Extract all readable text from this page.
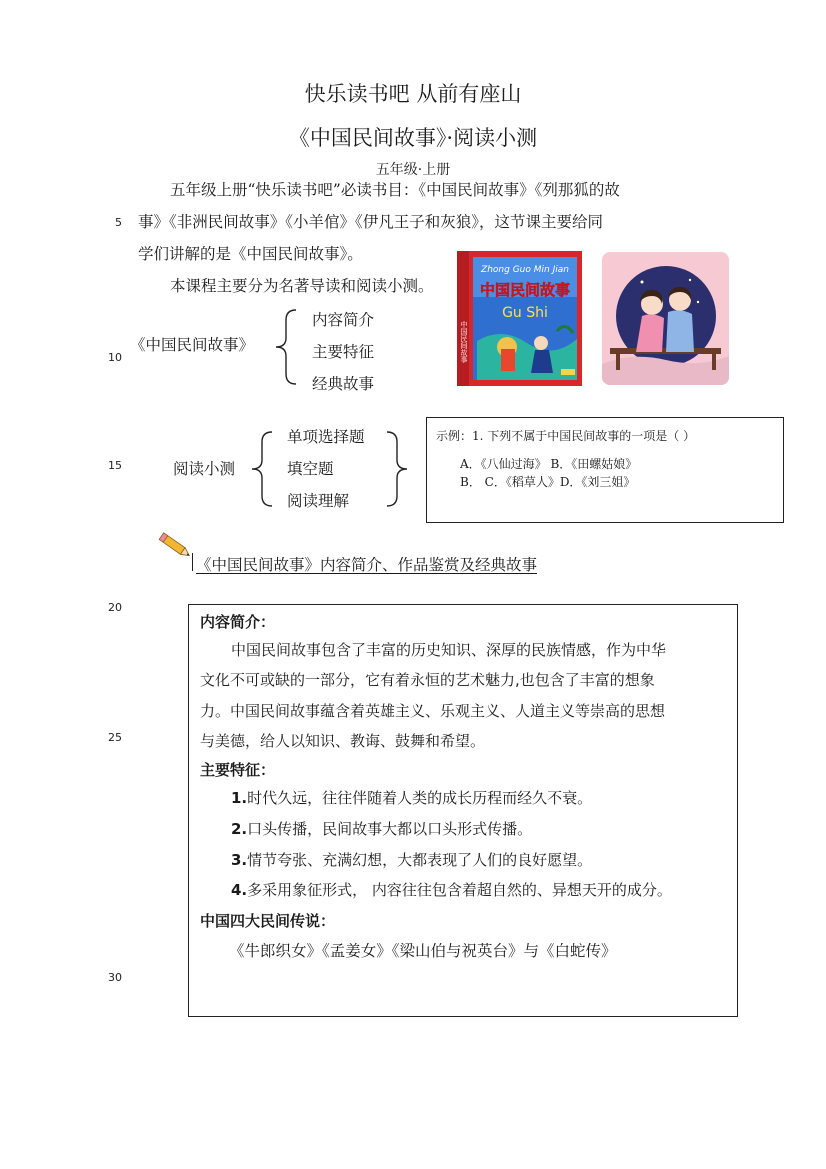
快乐读书吧 从前有座山
《中国民间故事》·阅读小测
五年级·上册
五年级上册“快乐读书吧”必读书目：《中国民间故事》《列那狐的故
事》《非洲民间故事》《小羊倌》《伊凡王子和灰狼》，这节课主要给同
学们讲解的是《中国民间故事》。
本课程主要分为名著导读和阅读小测。
5
10
15
20
25
30
《中国民间故事》
内容简介
主要特征
经典故事
Zhong Guo Min Jian
中国民间故事
Gu Shi
中国民间故事
阅读小测
单项选择题
填空题
阅读理解
示例：1. 下列不属于中国民间故事的一项是（ ）
A．《八仙过海》 B．《田螺姑娘》
B． C．《稻草人》D．《刘三姐》
《中国民间故事》内容简介、作品鉴赏及经典故事
内容简介：
中国民间故事包含了丰富的历史知识、深厚的民族情感，作为中华
文化不可或缺的一部分，它有着永恒的艺术魅力,也包含了丰富的想象
力。中国民间故事蕴含着英雄主义、乐观主义、人道主义等崇高的思想
与美德，给人以知识、教诲、鼓舞和希望。
主要特征：
1.时代久远，往往伴随着人类的成长历程而经久不衰。
2.口头传播，民间故事大都以口头形式传播。
3.情节夸张、充满幻想，大都表现了人们的良好愿望。
4.多采用象征形式， 内容往往包含着超自然的、异想天开的成分。
中国四大民间传说：
《牛郎织女》《孟姜女》《梁山伯与祝英台》与《白蛇传》
